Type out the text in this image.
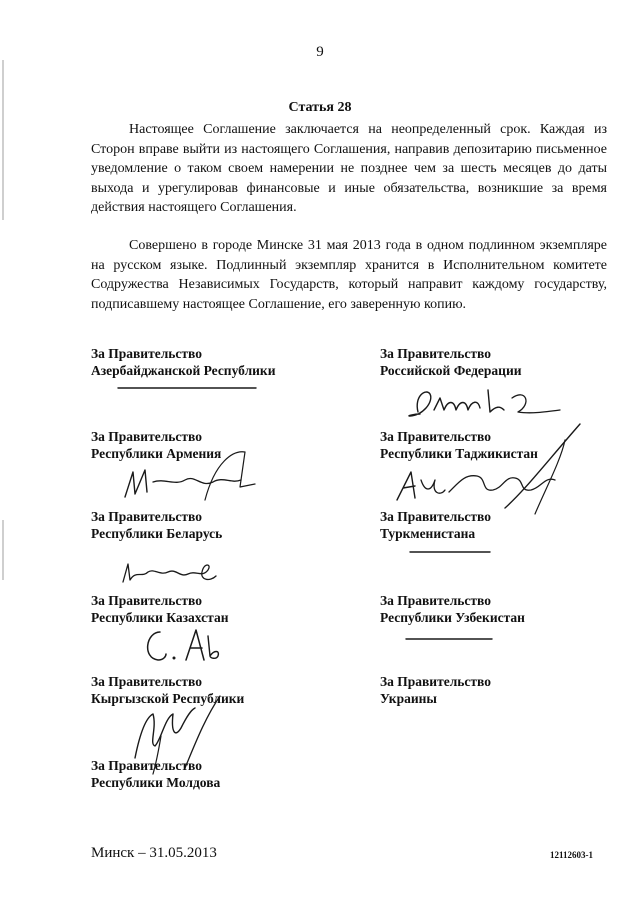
9
Статья 28

Настоящее Соглашение заключается на неопределенный срок. Каждая из Сторон вправе выйти из настоящего Соглашения, направив депозитарию письменное уведомление о таком своем намерении не позднее чем за шесть месяцев до даты выхода и урегулировав финансовые и иные обязательства, возникшие за время действия настоящего Соглашения.

Совершено в городе Минске 31 мая 2013 года в одном подлинном экземпляре на русском языке. Подлинный экземпляр хранится в Исполнительном комитете Содружества Независимых Государств, который направит каждому государству, подписавшему настоящее Соглашение, его заверенную копию.

За Правительство
Азербайджанской Республики
За Правительство
Республики Армения
За Правительство
Республики Беларусь
За Правительство
Республики Казахстан
За Правительство
Кыргызской Республики
За Правительство
Республики Молдова
За Правительство
Российской Федерации
За Правительство
Республики Таджикистан
За Правительство
Туркменистана
За Правительство
Республики Узбекистан
За Правительство
Украины
Минск – 31.05.2013	12112603-1
